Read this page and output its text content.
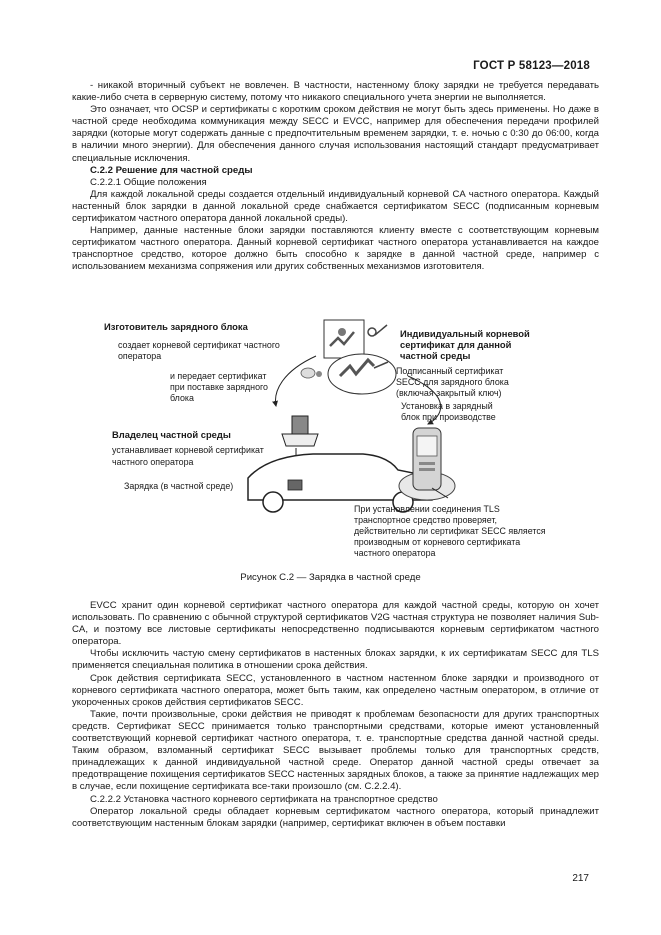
ГОСТ Р 58123—2018

- никакой вторичный субъект не вовлечен. В частности, настенному блоку зарядки не требуется передавать какие-либо счета в серверную систему, потому что никакого специального учета энергии не выполняется.

Это означает, что OCSP и сертификаты с коротким сроком действия не могут быть здесь применены. Но даже в частной среде необходима коммуникация между SECC и EVCC, например для обеспечения передачи профилей зарядки (которые могут содержать данные с предпочтительным временем зарядки, т. е. ночью с 0:30 до 06:00, когда в наличии много энергии). Для обеспечения данного случая использования настоящий стандарт предусматривает специальные исключения.

C.2.2 Решение для частной среды

C.2.2.1 Общие положения

Для каждой локальной среды создается отдельный индивидуальный корневой CA частного оператора. Каждый настенный блок зарядки в данной локальной среде снабжается сертификатом SECC (подписанным корневым сертификатом частного оператора данной локальной среды).

Например, данные настенные блоки зарядки поставляются клиенту вместе с соответствующим корневым сертификатом частного оператора. Данный корневой сертификат частного оператора устанавливается на каждое транспортное средство, которое должно быть способно к зарядке в данной частной среде, например с использованием механизма сопряжения или других собственных механизмов изготовителя.

Изготовитель зарядного блока
создает корневой сертификат частного
оператора
и передает сертификат
при поставке зарядного
блока
Владелец частной среды
устанавливает корневой сертификат
частного оператора
Зарядка (в частной среде)
Индивидуальный корневой
сертификат для данной
частной среды
Подписанный сертификат
SECC для зарядного блока
(включая закрытый ключ)
Установка в зарядный
блок при производстве
При установлении соединения TLS
транспортное средство проверяет,
действительно ли сертификат SECC является
производным от корневого сертификата
частного оператора
Рисунок C.2 — Зарядка в частной среде

EVCC хранит один корневой сертификат частного оператора для каждой частной среды, которую он хочет использовать. По сравнению с обычной структурой сертификатов V2G частная структура не позволяет наличия Sub-CA, и поэтому все листовые сертификаты непосредственно подписываются корневым сертификатом частного оператора.

Чтобы исключить частую смену сертификатов в настенных блоках зарядки, к их сертификатам SECC для TLS применяется специальная политика в отношении срока действия.

Срок действия сертификата SECC, установленного в частном настенном блоке зарядки и производного от корневого сертификата частного оператора, может быть таким, как определено частным оператором, в отличие от укороченных сроков действия сертификатов SECC.

Такие, почти произвольные, сроки действия не приводят к проблемам безопасности для других транспортных средств. Сертификат SECC принимается только транспортными средствами, которые имеют установленный соответствующий корневой сертификат частного оператора, т. е. транспортные средства данной частной среды. Таким образом, взломанный сертификат SECC вызывает проблемы только для транспортных средств, принадлежащих к данной индивидуальной частной среде. Оператор данной частной среды отвечает за предотвращение похищения сертификатов SECC настенных зарядных блоков, а также за принятие надлежащих мер в случае, если похищение сертификата все-таки произошло (см. C.2.2.4).

C.2.2.2 Установка частного корневого сертификата на транспортное средство

Оператор локальной среды обладает корневым сертификатом частного оператора, который принадлежит соответствующим настенным блокам зарядки (например, сертификат включен в объем поставки

217
